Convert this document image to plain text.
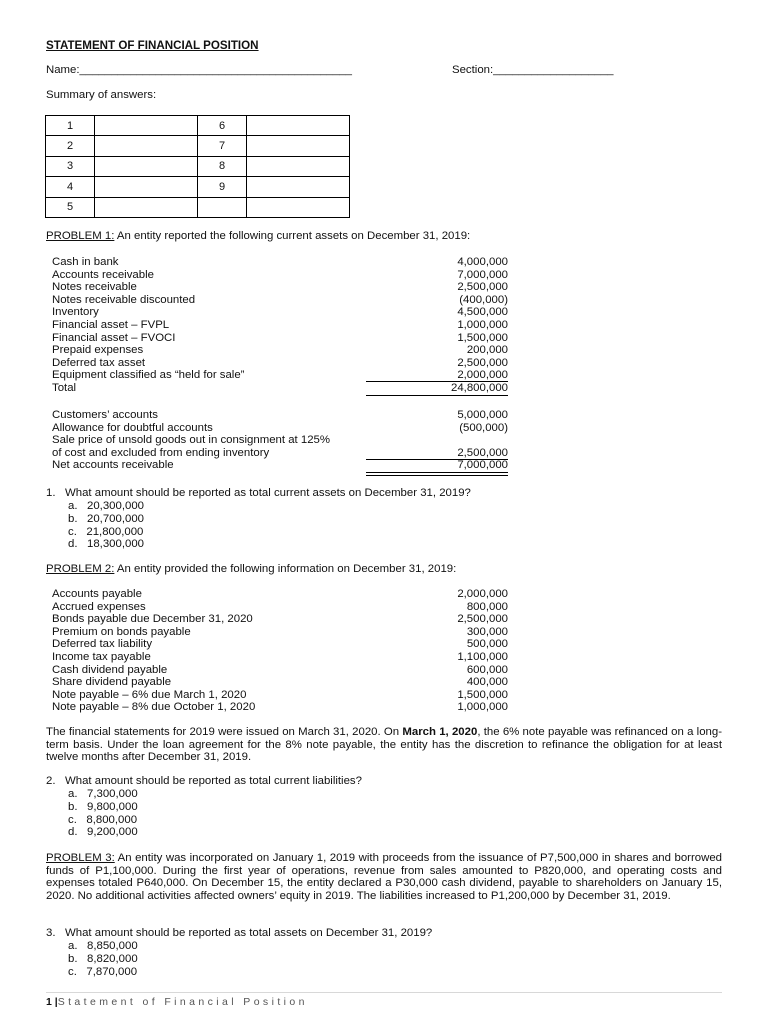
STATEMENT OF FINANCIAL POSITION
Name:___________________________________________	Section:___________________
Summary of answers:
1		6	
2		7	
3		8	
4		9	
5			
PROBLEM 1: An entity reported the following current assets on December 31, 2019:
Cash in bank	4,000,000
Accounts receivable	7,000,000
Notes receivable	2,500,000
Notes receivable discounted	(400,000)
Inventory	4,500,000
Financial asset – FVPL	1,000,000
Financial asset – FVOCI	1,500,000
Prepaid expenses	200,000
Deferred tax asset	2,500,000
Equipment classified as “held for sale”	2,000,000
Total	24,800,000
Customers’ accounts	5,000,000
Allowance for doubtful accounts	(500,000)
Sale price of unsold goods out in consignment at 125%
of cost and excluded from ending inventory	2,500,000
Net accounts receivable	7,000,000
1.   What amount should be reported as total current assets on December 31, 2019?
a.   20,300,000
b.   20,700,000
c.   21,800,000
d.   18,300,000
PROBLEM 2: An entity provided the following information on December 31, 2019:
Accounts payable	2,000,000
Accrued expenses	800,000
Bonds payable due December 31, 2020	2,500,000
Premium on bonds payable	300,000
Deferred tax liability	500,000
Income tax payable	1,100,000
Cash dividend payable	600,000
Share dividend payable	400,000
Note payable – 6% due March 1, 2020	1,500,000
Note payable – 8% due October 1, 2020	1,000,000
The financial statements for 2019 were issued on March 31, 2020. On March 1, 2020, the 6% note payable was refinanced on a long-term basis. Under the loan agreement for the 8% note payable, the entity has the discretion to refinance the obligation for at least twelve months after December 31, 2019.
2.   What amount should be reported as total current liabilities?
a.   7,300,000
b.   9,800,000
c.   8,800,000
d.   9,200,000
PROBLEM 3: An entity was incorporated on January 1, 2019 with proceeds from the issuance of P7,500,000 in shares and borrowed funds of P1,100,000. During the first year of operations, revenue from sales amounted to P820,000, and operating costs and expenses totaled P640,000. On December 15, the entity declared a P30,000 cash dividend, payable to shareholders on January 15, 2020. No additional activities affected owners’ equity in 2019. The liabilities increased to P1,200,000 by December 31, 2019.
3.   What amount should be reported as total assets on December 31, 2019?
a.   8,850,000
b.   8,820,000
c.   7,870,000
1 |Statement of Financial Position
